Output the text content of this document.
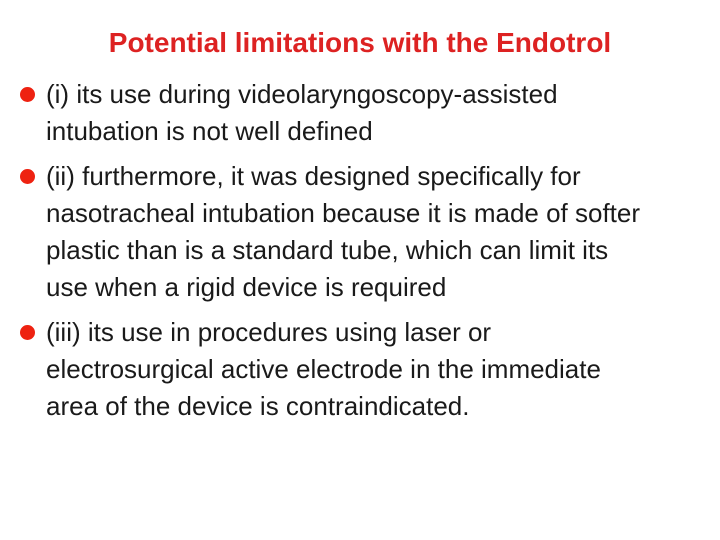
Potential limitations with the Endotrol
(i) its use during videolaryngoscopy-assisted
intubation is not well defined
(ii) furthermore, it was designed specifically for
nasotracheal intubation because it is made of softer
plastic than is a standard tube, which can limit its
use when a rigid device is required
(iii) its use in procedures using laser or
electrosurgical active electrode in the immediate
area of the device is contraindicated.
